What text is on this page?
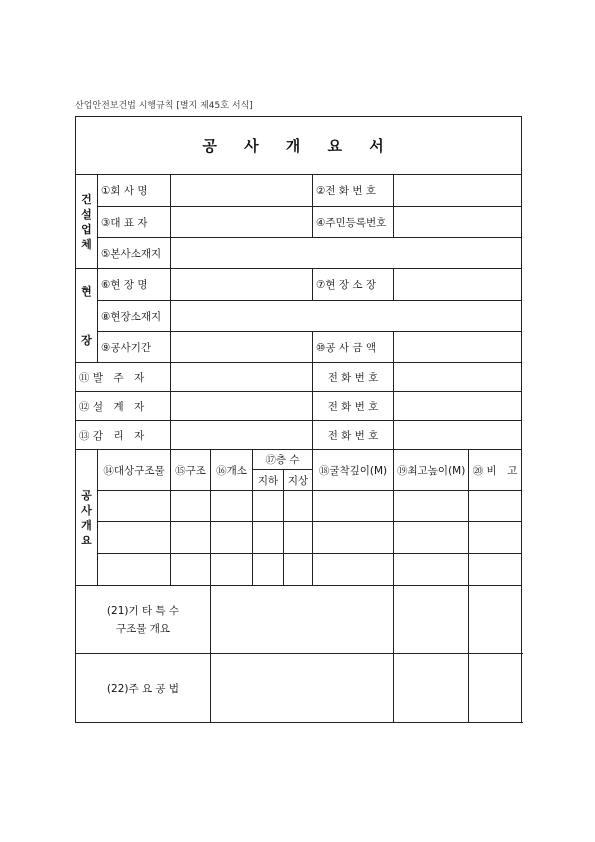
산업안전보건법 시행규칙 [별지 제45호 서식]
공 사 개 요 서								

건
설
업
체	①회 사 명					②전 화 번 호		
	③대 표 자					④주민등록번호		
	⑤본사소재지							

현
장	⑥현 장 명					⑦현 장 소 장		
	⑧현장소재지							
	⑨공사기간					⑩공 사 금 액		
⑪ 발　주　자						전 화 번 호		
⑫ 설　계　자						전 화 번 호		
⑬ 감　리　자						전 화 번 호		

공
사
개
요	⑭대상구조물	⑮구조	⑯개소	⑰층 수		⑱굴착깊이(M)	⑲최고높이(M)	⑳ 비　고
				지하	지상			

(21)기 타 특 수
구조물 개요								

(22)주 요 공 법								
